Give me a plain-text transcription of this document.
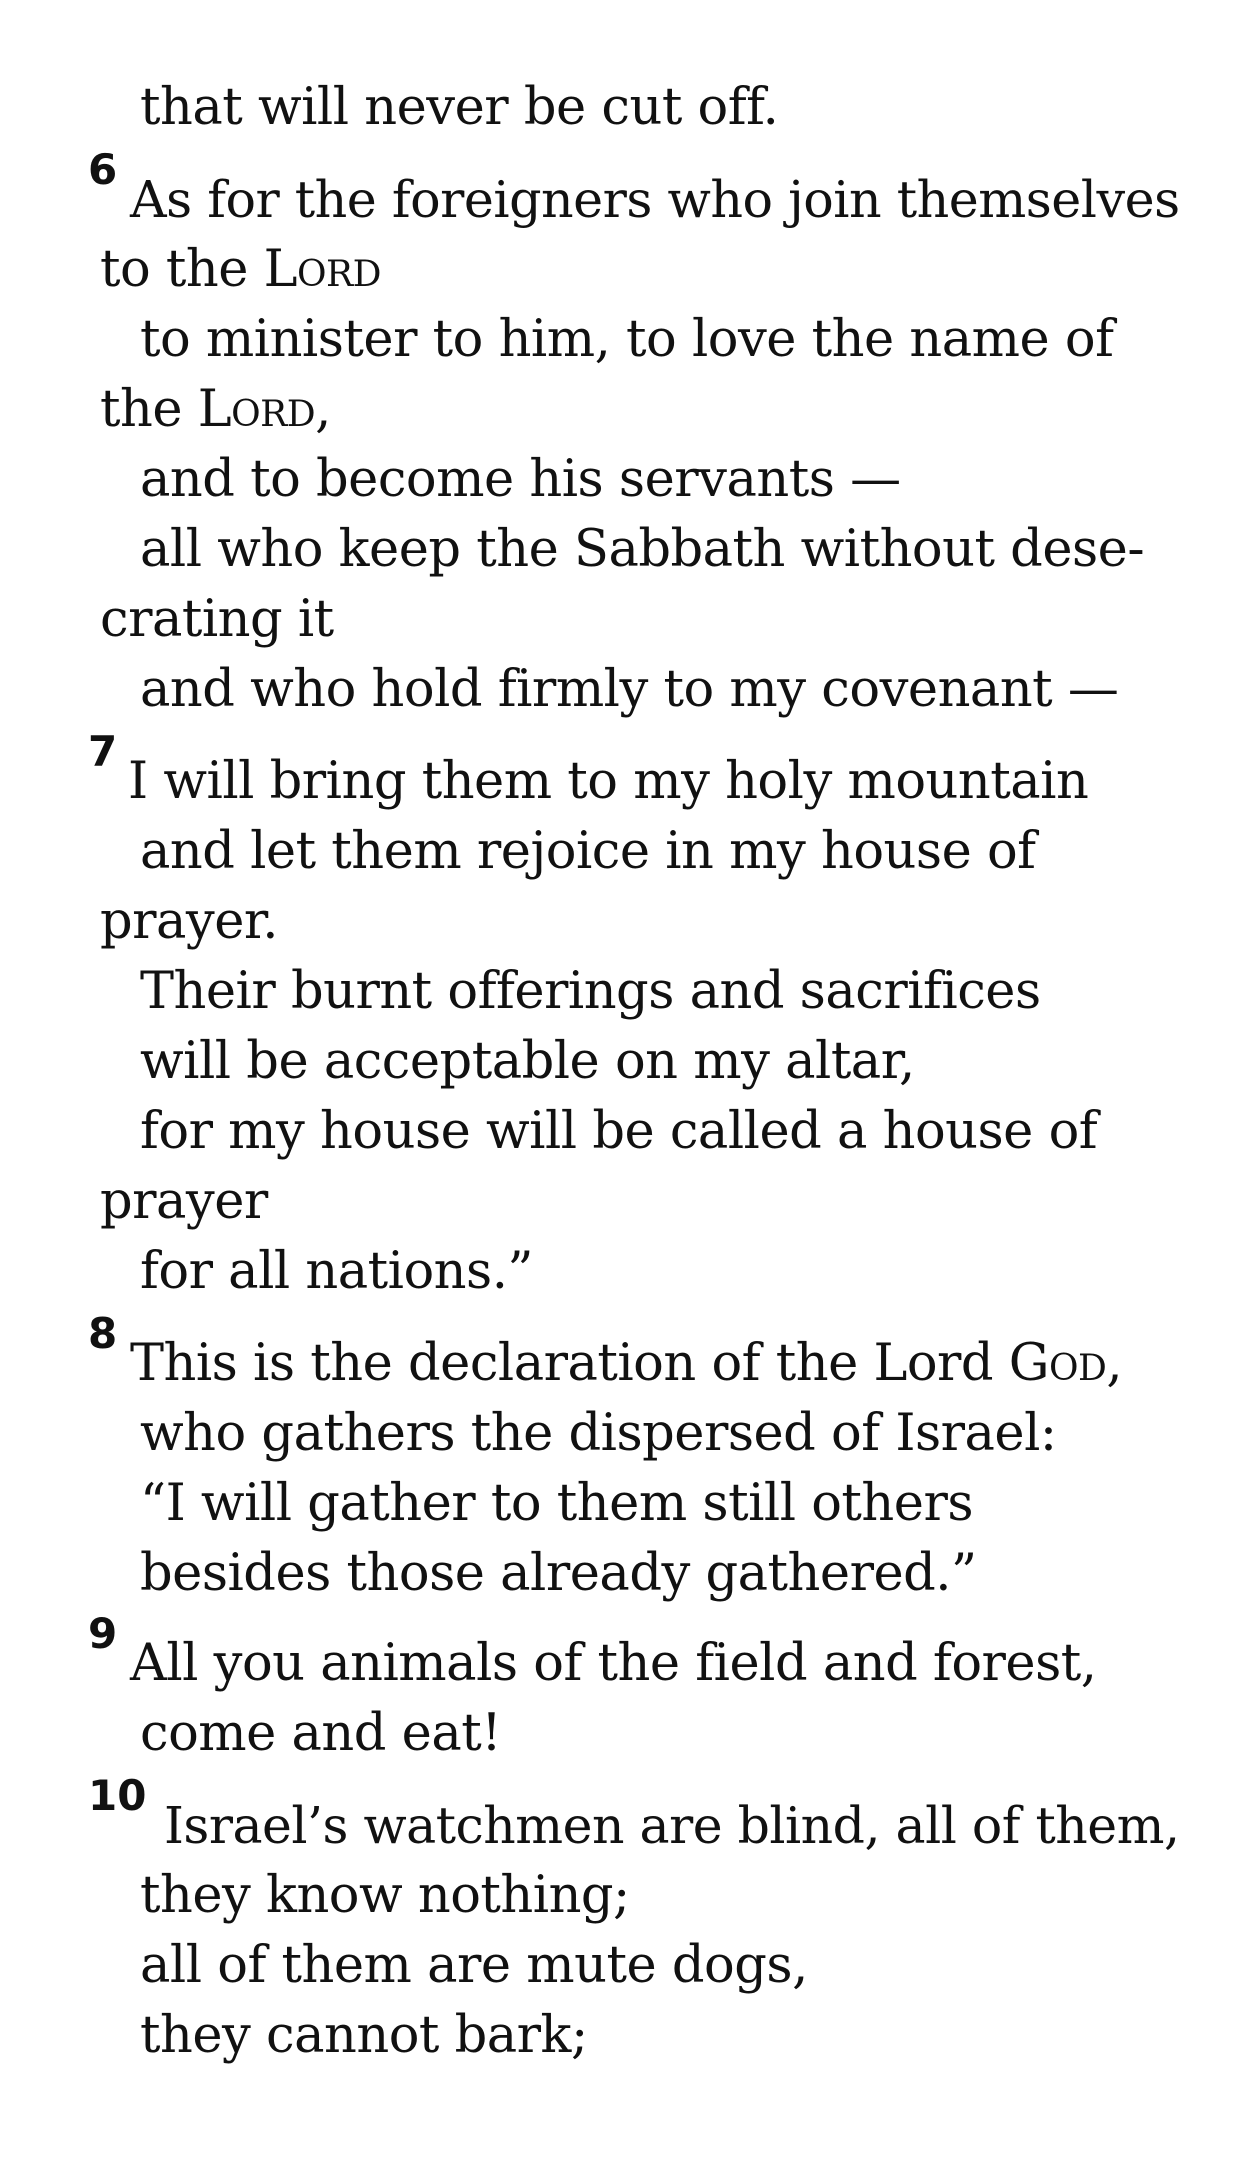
that will never be cut off.
6
As for the foreigners who join themselves
to the Lord
to minister to him, to love the name of
the Lord,
and to become his servants —
all who keep the Sabbath without dese-
crating it
and who hold firmly to my covenant —
7
I will bring them to my holy mountain
and let them rejoice in my house of
prayer.
Their burnt offerings and sacrifices
will be acceptable on my altar,
for my house will be called a house of
prayer
for all nations.”
8
This is the declaration of the Lord God,
who gathers the dispersed of Israel:
“I will gather to them still others
besides those already gathered.”
9
All you animals of the field and forest,
come and eat!
10
Israel’s watchmen are blind, all of them,
they know nothing;
all of them are mute dogs,
they cannot bark;
